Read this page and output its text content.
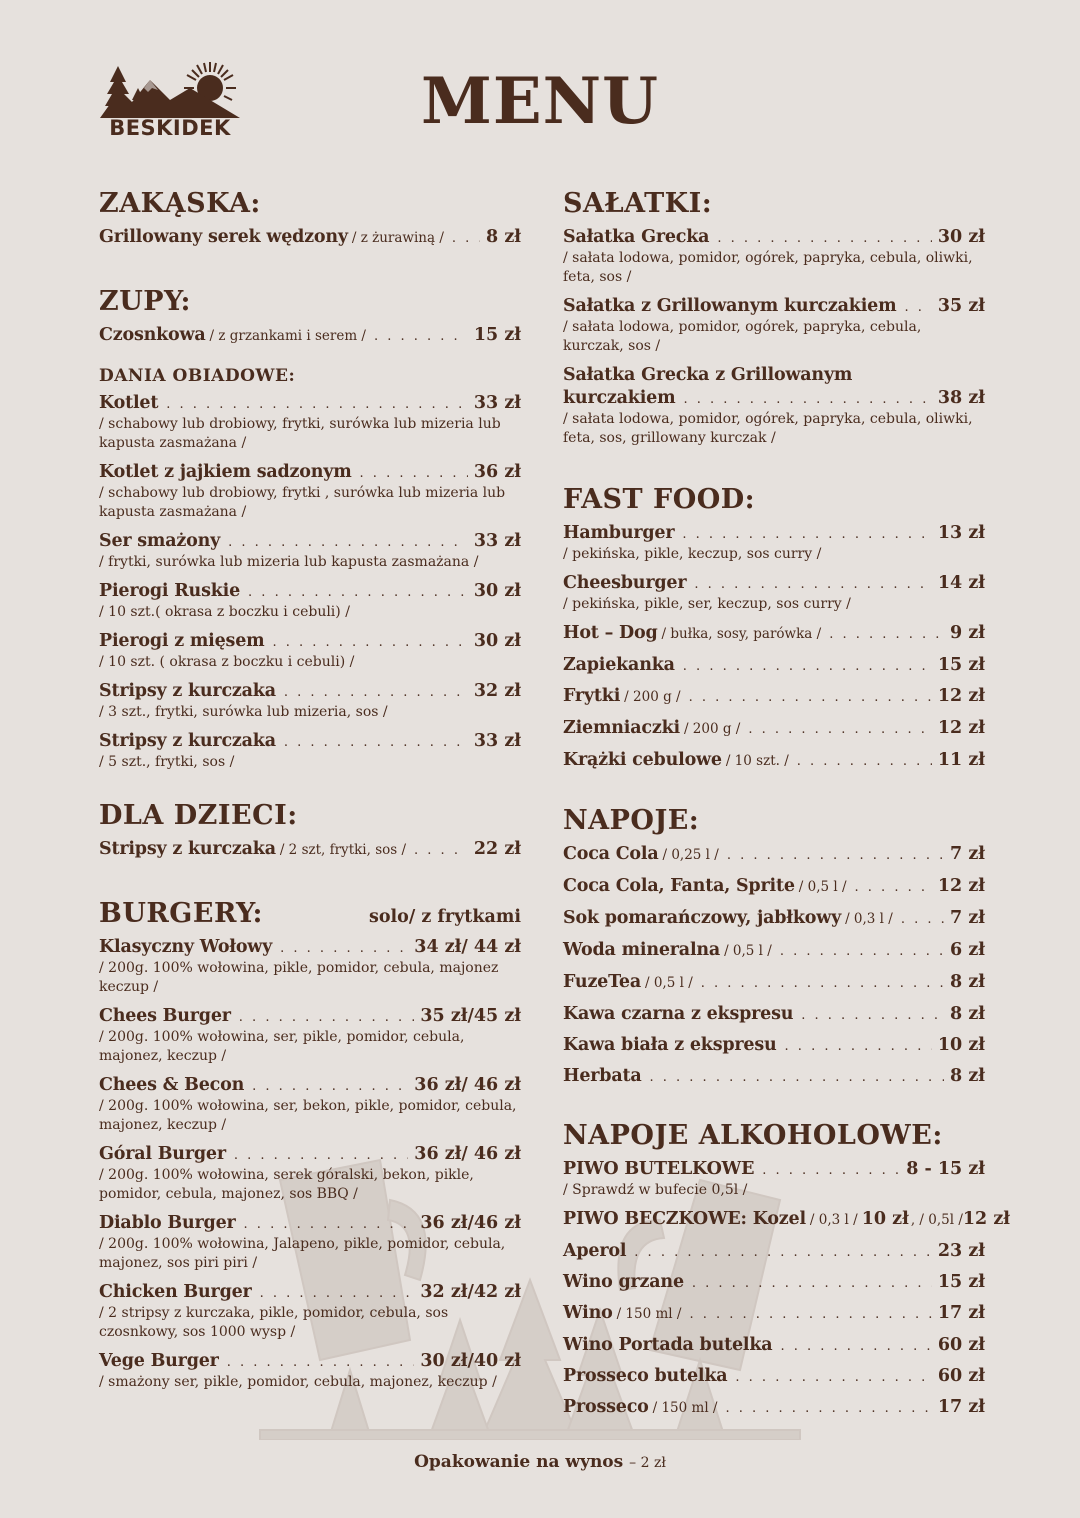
BESKIDEK	MENU
ZAKĄSKA:
Grillowany serek wędzony / z żurawiną / . . . 8 zł
ZUPY:
Czosnkowa / z grzankami i serem / . . .	15 zł
DANIA OBIADOWE:
Kotlet . . .	33 zł
/ schabowy lub drobiowy, frytki, surówka lub mizeria lub kapusta zasmażana /
Kotlet z jajkiem sadzonym . . .	36 zł
/ schabowy lub drobiowy, frytki , surówka lub mizeria lub kapusta zasmażana /
Ser smażony . . .	33 zł
/ frytki, surówka lub mizeria lub kapusta zasmażana /
Pierogi Ruskie . . .	30 zł
/ 10 szt.( okrasa z boczku i cebuli) /
Pierogi z mięsem . . .	30 zł
/ 10 szt. ( okrasa z boczku i cebuli) /
Stripsy z kurczaka . . .	32 zł
/ 3 szt., frytki, surówka lub mizeria, sos /
Stripsy z kurczaka . . .	33 zł
/ 5 szt., frytki, sos /
DLA DZIECI:
Stripsy z kurczaka / 2 szt, frytki, sos / . . .	22 zł
BURGERY:	solo/ z frytkami
Klasyczny Wołowy . . .	34 zł/ 44 zł
/ 200g. 100% wołowina, pikle, pomidor, cebula, majonez keczup /
Chees Burger . . .	35 zł/45 zł
/ 200g. 100% wołowina, ser, pikle, pomidor, cebula, majonez, keczup /
Chees & Becon . . .	36 zł/ 46 zł
/ 200g. 100% wołowina, ser, bekon, pikle, pomidor, cebula, majonez, keczup /
Góral Burger . . .	36 zł/ 46 zł
/ 200g. 100% wołowina, serek góralski, bekon, pikle, pomidor, cebula, majonez, sos BBQ /
Diablo Burger . . .	36 zł/46 zł
/ 200g. 100% wołowina, Jalapeno, pikle, pomidor, cebula, majonez, sos piri piri /
Chicken Burger . . .	32 zł/42 zł
/ 2 stripsy z kurczaka, pikle, pomidor, cebula, sos czosnkowy, sos 1000 wysp /
Vege Burger . . .	30 zł/40 zł
/ smażony ser, pikle, pomidor, cebula, majonez, keczup /
SAŁATKI:
Sałatka Grecka . . .	30 zł
/ sałata lodowa, pomidor, ogórek, papryka, cebula, oliwki, feta, sos /
Sałatka z Grillowanym kurczakiem . . . 35 zł
/ sałata lodowa, pomidor, ogórek, papryka, cebula, kurczak, sos /
Sałatka Grecka z Grillowanym
kurczakiem . . .	38 zł
/ sałata lodowa, pomidor, ogórek, papryka, cebula, oliwki, feta, sos, grillowany kurczak /
FAST FOOD:
Hamburger . . .	13 zł
/ pekińska, pikle, keczup, sos curry /
Cheesburger . . .	14 zł
/ pekińska, pikle, ser, keczup, sos curry /
Hot – Dog / bułka, sosy, parówka / . . .	9 zł
Zapiekanka . . .	15 zł
Frytki / 200 g / . . .	12 zł
Ziemniaczki / 200 g / . . .	12 zł
Krążki cebulowe / 10 szt. / . . .	11 zł
NAPOJE:
Coca Cola / 0,25 l / . . .	7 zł
Coca Cola, Fanta, Sprite / 0,5 l / . . .	12 zł
Sok pomarańczowy, jabłkowy / 0,3 l / . . .	7 zł
Woda mineralna / 0,5 l / . . .	6 zł
FuzeTea / 0,5 l / . . .	8 zł
Kawa czarna z ekspresu . . .	8 zł
Kawa biała z ekspresu . . .	10 zł
Herbata . . .	8 zł
NAPOJE ALKOHOLOWE:
PIWO BUTELKOWE . . .	8 - 15 zł
/ Sprawdź w bufecie 0,5l /
PIWO BECZKOWE: Kozel / 0,3 l / 10 zł , / 0,5l / 12 zł
Aperol . . .	23 zł
Wino grzane . . .	15 zł
Wino / 150 ml / . . .	17 zł
Wino Portada butelka . . .	60 zł
Prosseco butelka . . .	60 zł
Prosseco / 150 ml / . . .	17 zł
Opakowanie na wynos – 2 zł
